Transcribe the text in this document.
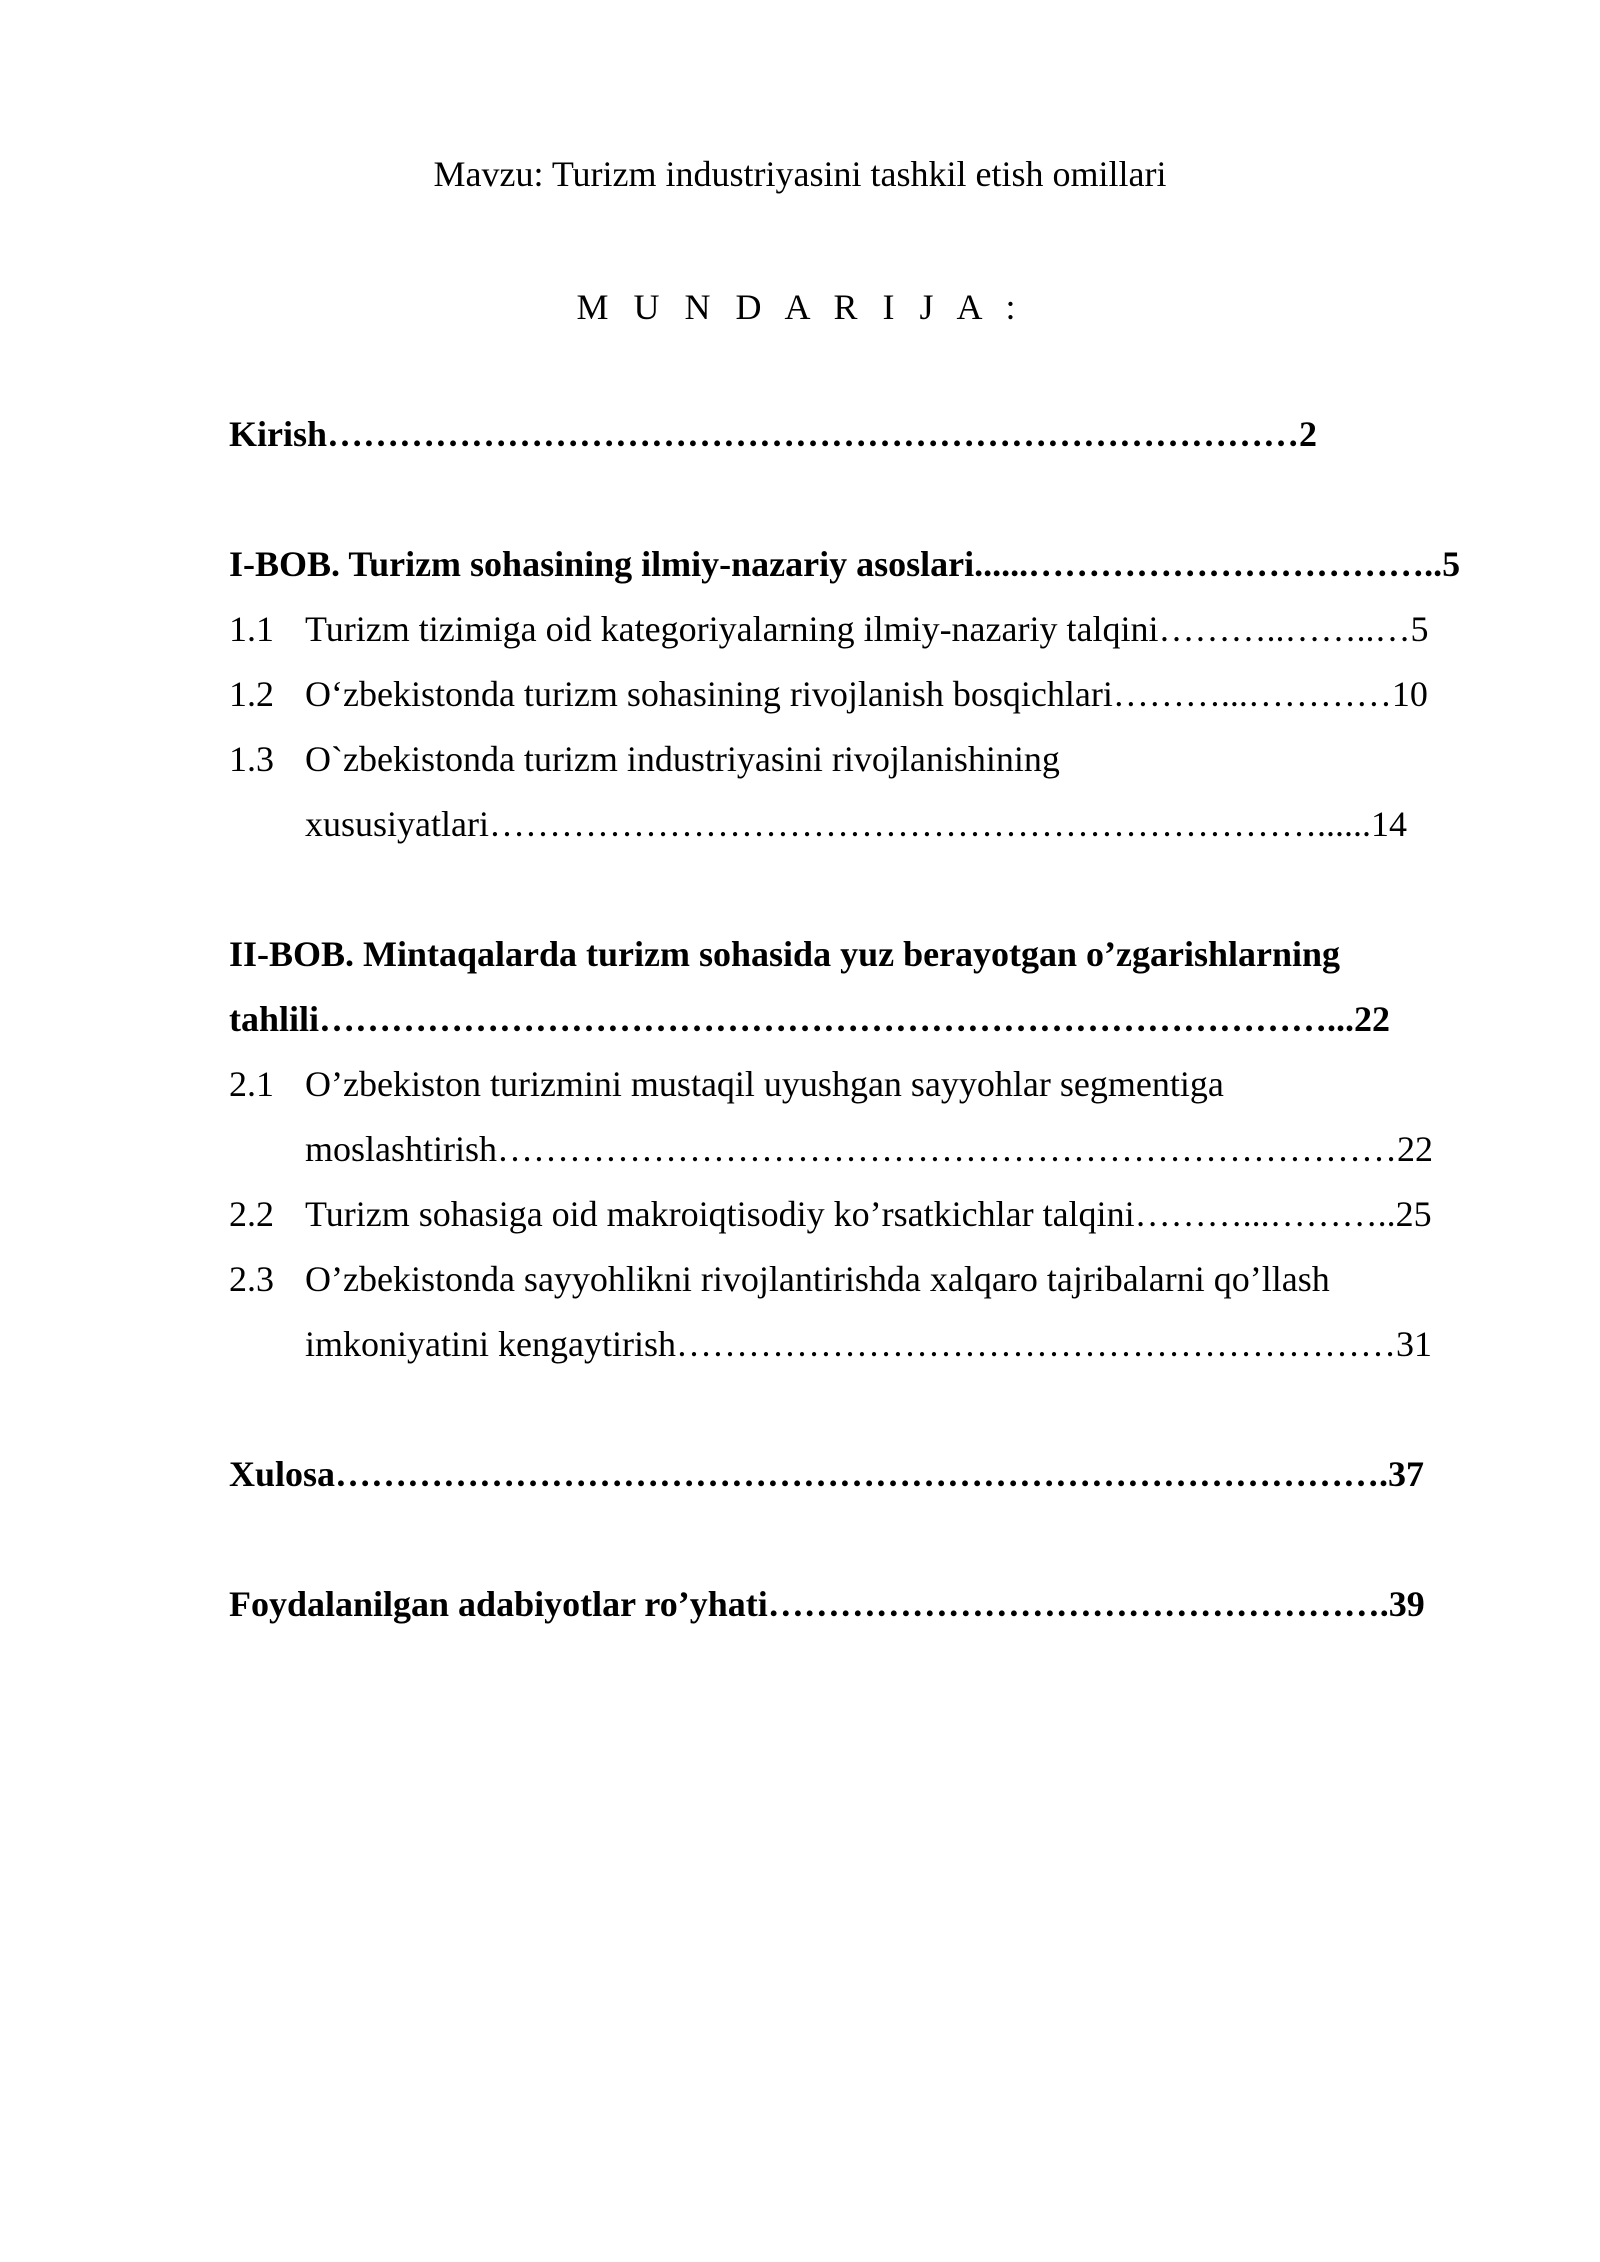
Mavzu: Turizm industriyasini tashkil etish omillari
M U N D A R I J A :
Kirish………………………………………………………………………2
I-BOB. Turizm sohasining ilmiy-nazariy asoslari......……………………………..5
1.1 Turizm tizimiga oid kategoriyalarning ilmiy-nazariy talqini………..……..…5
1.2 O‘zbekistonda turizm sohasining rivojlanish bosqichlari………...…………10
1.3 O`zbekistonda turizm industriyasini rivojlanishining
xususiyatlari……………………………………………………………......14
II-BOB. Mintaqalarda turizm sohasida yuz berayotgan o’zgarishlarning
tahlili…………………………………………………………………………...22
2.1 O’zbekiston turizmini mustaqil uyushgan sayyohlar segmentiga
moslashtirish…………………………………………………………………22
2.2 Turizm sohasiga oid makroiqtisodiy ko’rsatkichlar talqini………...………..25
2.3 O’zbekistonda sayyohlikni rivojlantirishda xalqaro tajribalarni qo’llash
imkoniyatini kengaytirish……………………………………………………31
Xulosa…………………………………………………………………………….37
Foydalanilgan adabiyotlar ro’yhati…………………………………………….39
